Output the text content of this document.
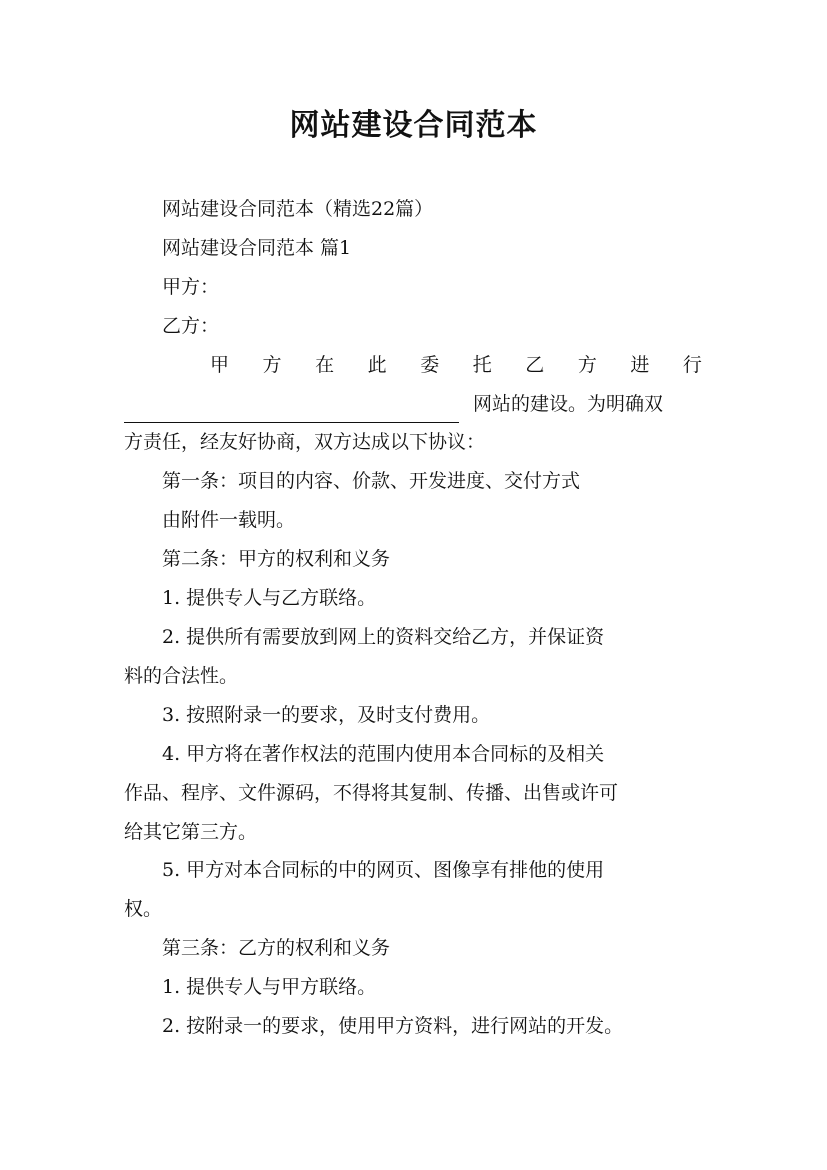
网站建设合同范本

网站建设合同范本（精选22篇）

网站建设合同范本 篇1

甲方：

乙方：

甲 方 在 此 委 托 乙 方 进 行
网站的建设。为明确双

方责任，经友好协商，双方达成以下协议：

第一条：项目的内容、价款、开发进度、交付方式

由附件一载明。

第二条：甲方的权利和义务

1. 提供专人与乙方联络。

2. 提供所有需要放到网上的资料交给乙方，并保证资

料的合法性。

3. 按照附录一的要求，及时支付费用。

4. 甲方将在著作权法的范围内使用本合同标的及相关

作品、程序、文件源码，不得将其复制、传播、出售或许可

给其它第三方。

5. 甲方对本合同标的中的网页、图像享有排他的使用

权。

第三条：乙方的权利和义务

1. 提供专人与甲方联络。

2. 按附录一的要求，使用甲方资料，进行网站的开发。
